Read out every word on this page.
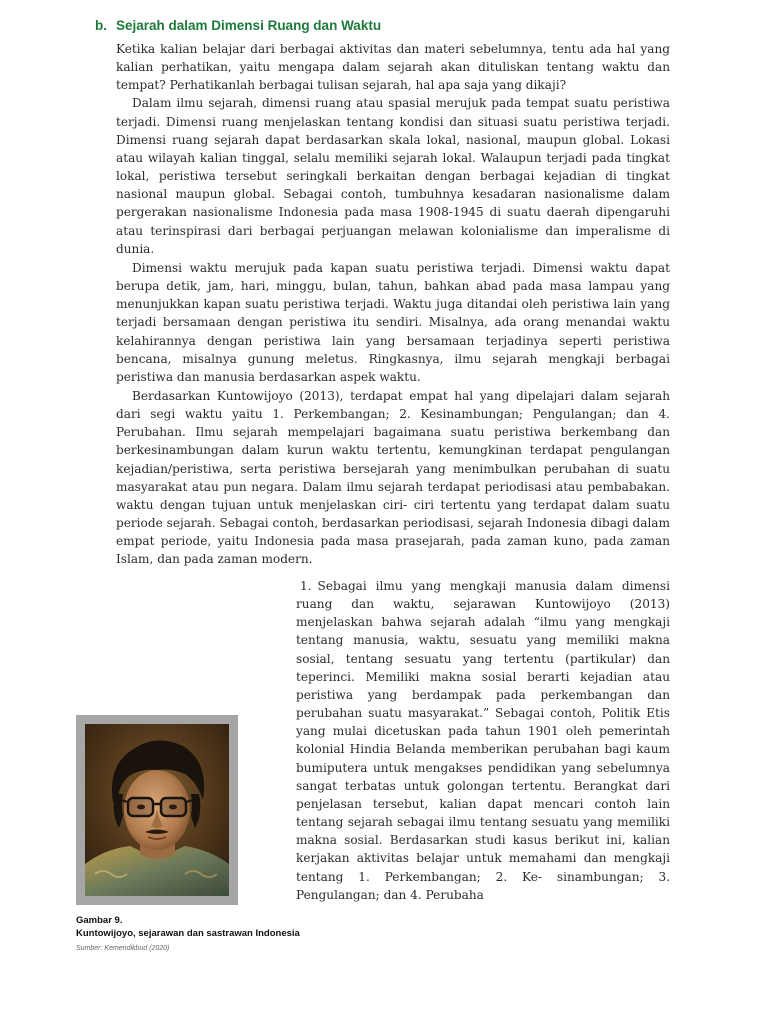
b. Sejarah dalam Dimensi Ruang dan Waktu

Ketika kalian belajar dari berbagai aktivitas dan materi sebelumnya, tentu ada hal yang kalian perhatikan, yaitu mengapa dalam sejarah akan dituliskan tentang waktu dan tempat? Perhatikanlah berbagai tulisan sejarah, hal apa saja yang dikaji?

Dalam ilmu sejarah, dimensi ruang atau spasial merujuk pada tempat suatu peristiwa terjadi. Dimensi ruang menjelaskan tentang kondisi dan situasi suatu peristiwa terjadi. Dimensi ruang sejarah dapat berdasarkan skala lokal, nasional, maupun global. Lokasi atau wilayah kalian tinggal, selalu memiliki sejarah lokal. Walaupun terjadi pada tingkat lokal, peristiwa tersebut seringkali berkaitan dengan berbagai kejadian di tingkat nasional maupun global. Sebagai contoh, tumbuhnya kesadaran nasionalisme dalam pergerakan nasionalisme Indonesia pada masa 1908-1945 di suatu daerah dipengaruhi atau terinspirasi dari berbagai perjuangan melawan kolonialisme dan imperalisme di dunia.

Dimensi waktu merujuk pada kapan suatu peristiwa terjadi. Dimensi waktu dapat berupa detik, jam, hari, minggu, bulan, tahun, bahkan abad pada masa lampau yang menunjukkan kapan suatu peristiwa terjadi. Waktu juga ditandai oleh peristiwa lain yang terjadi bersamaan dengan peristiwa itu sendiri. Misalnya, ada orang menandai waktu kelahirannya dengan peristiwa lain yang bersamaan terjadinya seperti peristiwa bencana, misalnya gunung meletus. Ringkasnya, ilmu sejarah mengkaji berbagai peristiwa dan manusia berdasarkan aspek waktu.

Berdasarkan Kuntowijoyo (2013), terdapat empat hal yang dipelajari dalam sejarah dari segi waktu yaitu 1. Perkembangan; 2. Kesinambungan; Pengulangan; dan 4. Perubahan. Ilmu sejarah mempelajari bagaimana suatu peristiwa berkembang dan berkesinambungan dalam kurun waktu tertentu, kemungkinan terdapat pengulangan kejadian/peristiwa, serta peristiwa bersejarah yang menimbulkan perubahan di suatu masyarakat atau pun negara. Dalam ilmu sejarah terdapat periodisasi atau pembabakan. waktu dengan tujuan untuk menjelaskan ciri- ciri tertentu yang terdapat dalam suatu periode sejarah. Sebagai contoh, berdasarkan periodisasi, sejarah Indonesia dibagi dalam empat periode, yaitu Indonesia pada masa prasejarah, pada zaman kuno, pada zaman Islam, dan pada zaman modern.

1. Sebagai ilmu yang mengkaji manusia dalam dimensi ruang dan waktu, sejarawan Kuntowijoyo (2013) menjelaskan bahwa sejarah adalah “ilmu yang mengkaji tentang manusia, waktu, sesuatu yang memiliki makna sosial, tentang sesuatu yang tertentu (partikular) dan teperinci. Memiliki makna sosial berarti kejadian atau peristiwa yang berdampak pada perkembangan dan perubahan suatu masyarakat.” Sebagai contoh, Politik Etis yang mulai dicetuskan pada tahun 1901 oleh pemerintah kolonial Hindia Belanda memberikan perubahan bagi kaum bumiputera untuk mengakses pendidikan yang sebelumnya sangat terbatas untuk golongan tertentu. Berangkat dari penjelasan tersebut, kalian dapat mencari contoh lain tentang sejarah sebagai ilmu tentang sesuatu yang memiliki makna sosial. Berdasarkan studi kasus berikut ini, kalian kerjakan aktivitas belajar untuk memahami dan mengkaji tentang 1. Perkembangan; 2. Ke- sinambungan; 3. Pengulangan; dan 4. Perubaha

Gambar 9.
Kuntowijoyo, sejarawan dan sastrawan Indonesia
Sumber: Kemendikbud (2020)
